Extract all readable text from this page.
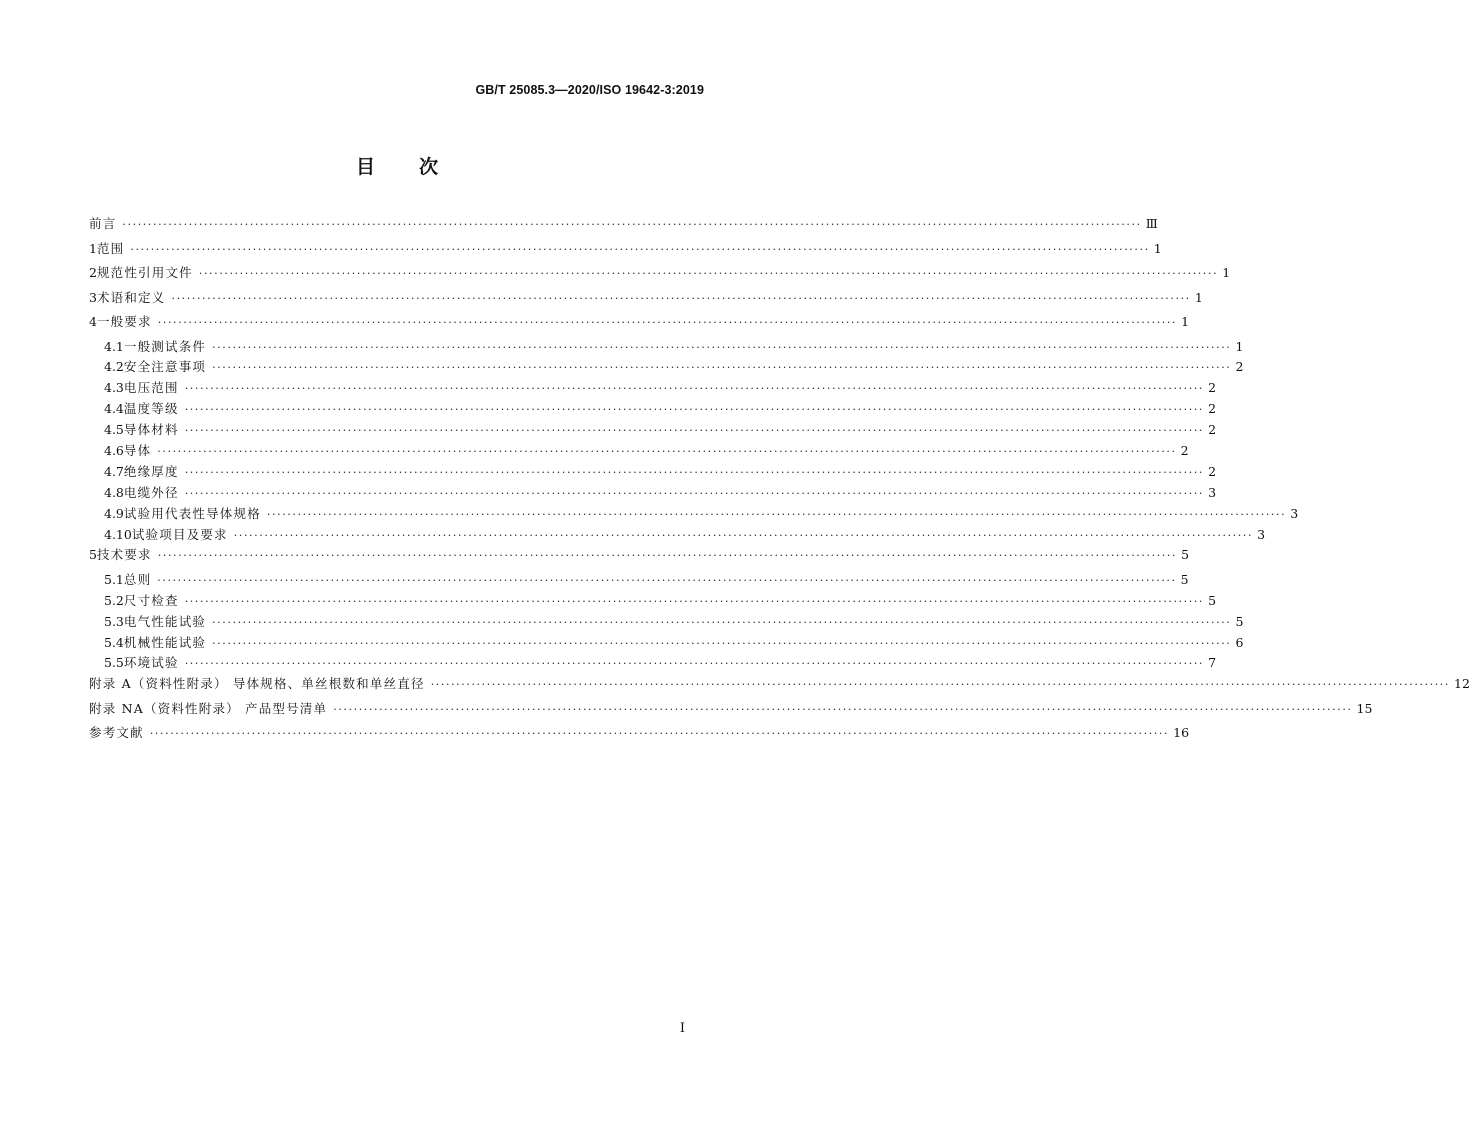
GB/T 25085.3—2020/ISO 19642-3:2019
目次
前言 ········································································································································································································ Ⅲ
1 范围 ········································································································································································································ 1
2 规范性引用文件 ········································································································································································································ 1
3 术语和定义 ········································································································································································································ 1
4 一般要求 ········································································································································································································ 1
4.1 一般测试条件 ········································································································································································································ 1
4.2 安全注意事项 ········································································································································································································ 2
4.3 电压范围 ········································································································································································································ 2
4.4 温度等级 ········································································································································································································ 2
4.5 导体材料 ········································································································································································································ 2
4.6 导体 ········································································································································································································ 2
4.7 绝缘厚度 ········································································································································································································ 2
4.8 电缆外径 ········································································································································································································ 3
4.9 试验用代表性导体规格 ········································································································································································································ 3
4.10 试验项目及要求 ········································································································································································································ 3
5 技术要求 ········································································································································································································ 5
5.1 总则 ········································································································································································································ 5
5.2 尺寸检查 ········································································································································································································ 5
5.3 电气性能试验 ········································································································································································································ 5
5.4 机械性能试验 ········································································································································································································ 6
5.5 环境试验 ········································································································································································································ 7
附录 A（资料性附录） 导体规格、单丝根数和单丝直径 ········································································································································································································ 12
附录 NA（资料性附录） 产品型号清单 ········································································································································································································ 15
参考文献 ········································································································································································································ 16
I
